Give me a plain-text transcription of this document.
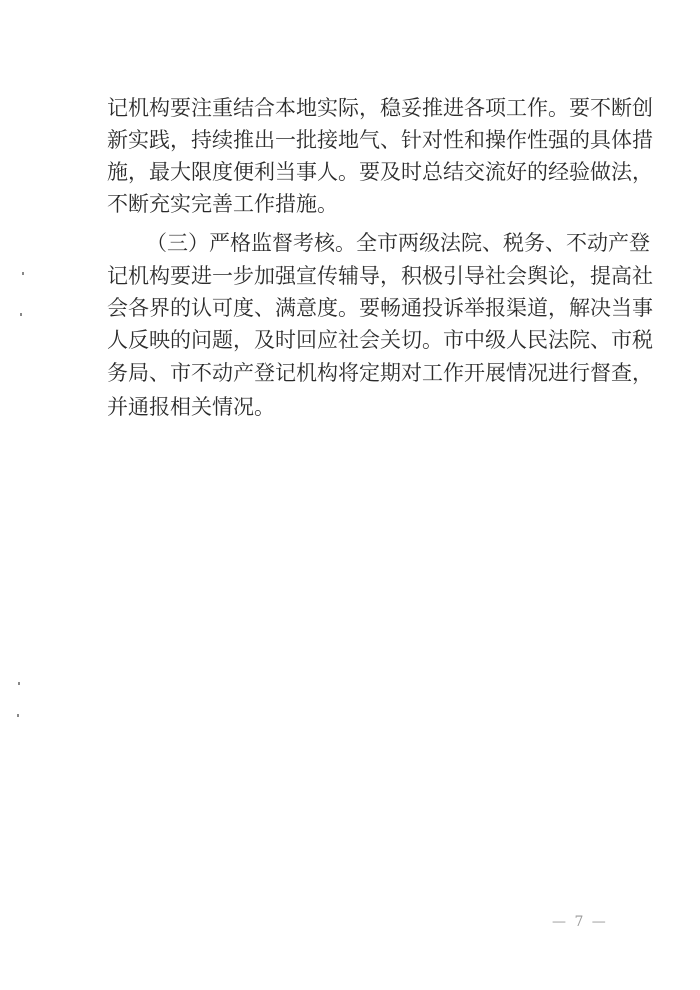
记机构要注重结合本地实际，稳妥推进各项工作。要不断创
新实践，持续推出一批接地气、针对性和操作性强的具体措
施，最大限度便利当事人。要及时总结交流好的经验做法，
不断充实完善工作措施。
（三）严格监督考核。全市两级法院、税务、不动产登
记机构要进一步加强宣传辅导，积极引导社会舆论，提高社
会各界的认可度、满意度。要畅通投诉举报渠道，解决当事
人反映的问题，及时回应社会关切。市中级人民法院、市税
务局、市不动产登记机构将定期对工作开展情况进行督查，
并通报相关情况。
— 7 —
